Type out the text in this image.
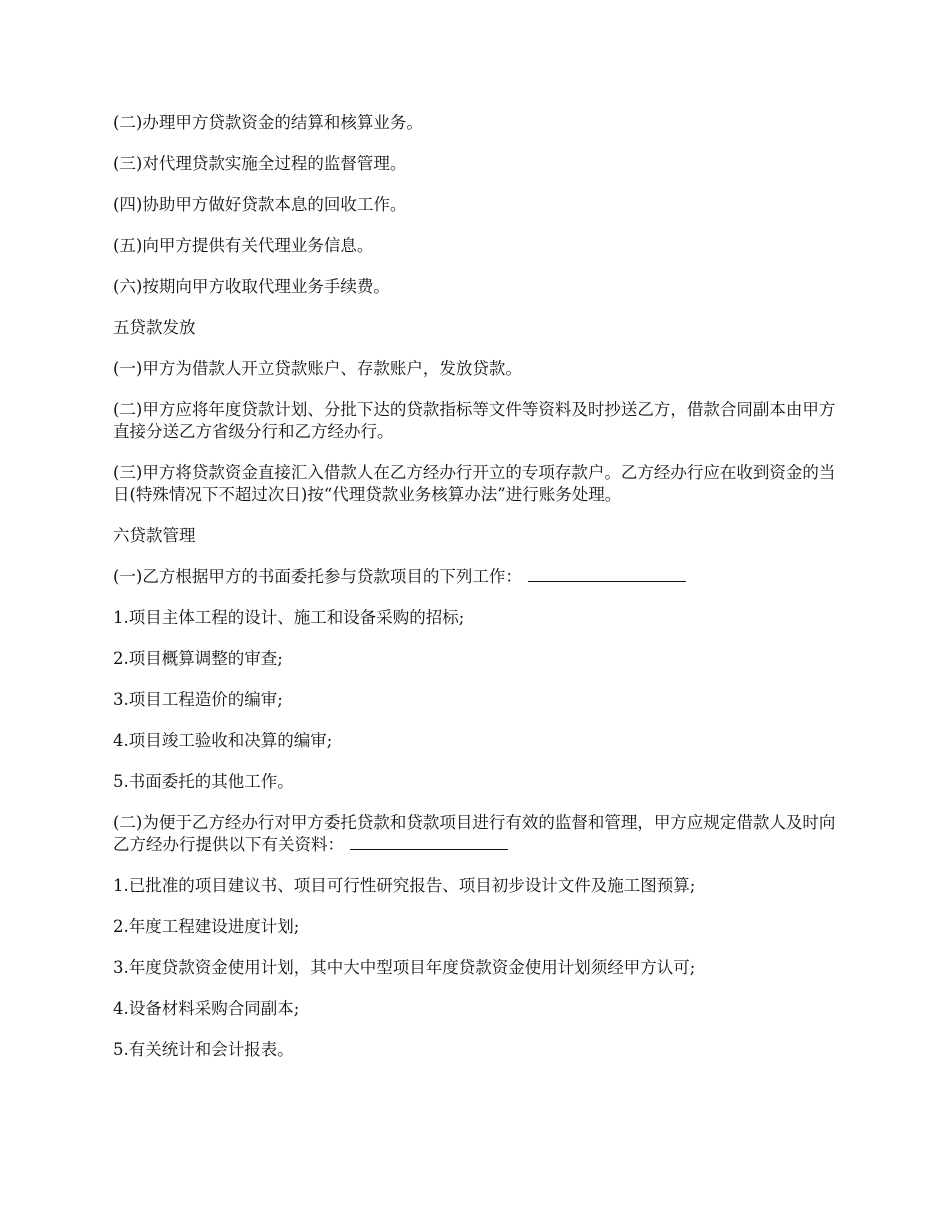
(二)办理甲方贷款资金的结算和核算业务。

(三)对代理贷款实施全过程的监督管理。

(四)协助甲方做好贷款本息的回收工作。

(五)向甲方提供有关代理业务信息。

(六)按期向甲方收取代理业务手续费。

五贷款发放

(一)甲方为借款人开立贷款账户、存款账户，发放贷款。

(二)甲方应将年度贷款计划、分批下达的贷款指标等文件等资料及时抄送乙方，借款合同副本由甲方直接分送乙方省级分行和乙方经办行。

(三)甲方将贷款资金直接汇入借款人在乙方经办行开立的专项存款户。乙方经办行应在收到资金的当日(特殊情况下不超过次日)按“代理贷款业务核算办法”进行账务处理。

六贷款管理

(一)乙方根据甲方的书面委托参与贷款项目的下列工作：

1.项目主体工程的设计、施工和设备采购的招标;

2.项目概算调整的审查;

3.项目工程造价的编审;

4.项目竣工验收和决算的编审;

5.书面委托的其他工作。

(二)为便于乙方经办行对甲方委托贷款和贷款项目进行有效的监督和管理，甲方应规定借款人及时向乙方经办行提供以下有关资料：

1.已批准的项目建议书、项目可行性研究报告、项目初步设计文件及施工图预算;

2.年度工程建设进度计划;

3.年度贷款资金使用计划，其中大中型项目年度贷款资金使用计划须经甲方认可;

4.设备材料采购合同副本;

5.有关统计和会计报表。
